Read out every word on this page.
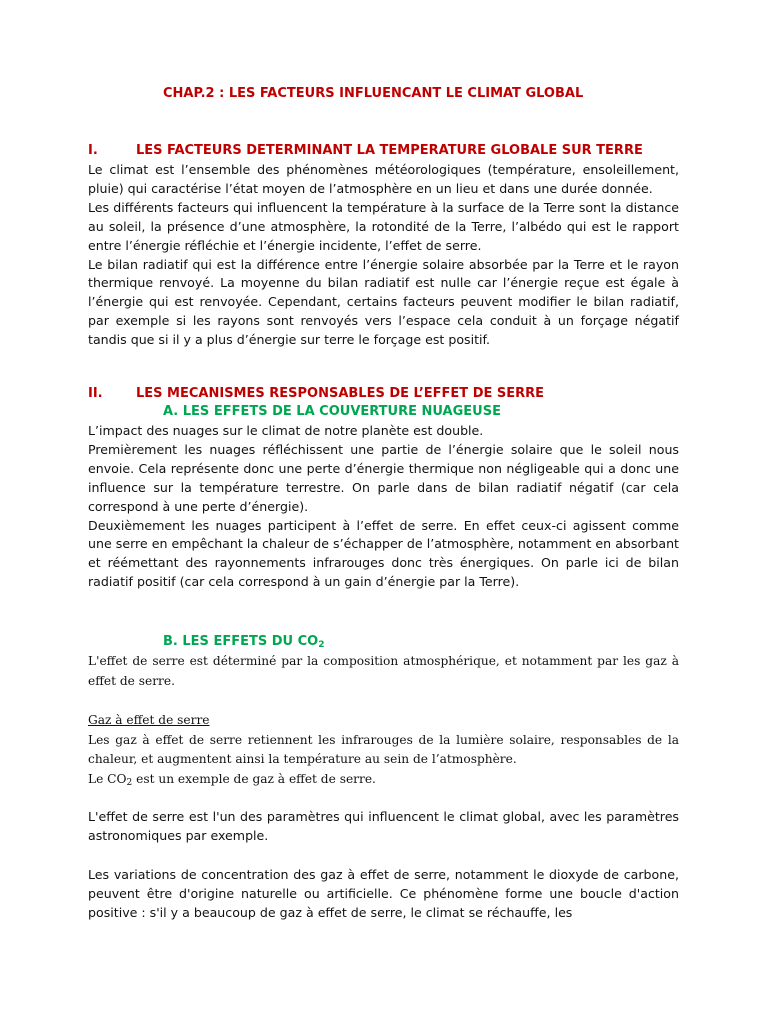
CHAP.2 : LES FACTEURS INFLUENCANT LE CLIMAT GLOBAL
I.	LES FACTEURS DETERMINANT LA TEMPERATURE GLOBALE SUR TERRE

Le climat est l’ensemble des phénomènes météorologiques (température, ensoleillement, pluie) qui caractérise l’état moyen de l’atmosphère en un lieu et dans une durée donnée.

Les différents facteurs qui influencent la température à la surface de la Terre sont la distance au soleil, la présence d’une atmosphère, la rotondité de la Terre, l’albédo qui est le rapport entre l’énergie réfléchie et l’énergie incidente, l’effet de serre.

Le bilan radiatif qui est la différence entre l’énergie solaire absorbée par la Terre et le rayon thermique renvoyé. La moyenne du bilan radiatif est nulle car l’énergie reçue est égale à l’énergie qui est renvoyée. Cependant, certains facteurs peuvent modifier le bilan radiatif, par exemple si les rayons sont renvoyés vers l’espace cela conduit à un forçage négatif tandis que si il y a plus d’énergie sur terre le forçage est positif.

II.	LES MECANISMES RESPONSABLES DE L’EFFET DE SERRE
A. LES EFFETS DE LA COUVERTURE NUAGEUSE

L’impact des nuages sur le climat de notre planète est double.

Premièrement les nuages réfléchissent une partie de l’énergie solaire que le soleil nous envoie. Cela représente donc une perte d’énergie thermique non négligeable qui a donc une influence sur la température terrestre. On parle dans de bilan radiatif négatif (car cela correspond à une perte d’énergie).

Deuxièmement les nuages participent à l’effet de serre. En effet ceux-ci agissent comme une serre en empêchant la chaleur de s’échapper de l’atmosphère, notamment en absorbant et réémettant des rayonnements infrarouges donc très énergiques. On parle ici de bilan radiatif positif (car cela correspond à un gain d’énergie par la Terre).

B. LES EFFETS DU $CO_2$

L'effet de serre est déterminé par la composition atmosphérique, et notamment par les gaz à effet de serre.

Gaz à effet de serre

Les gaz à effet de serre retiennent les infrarouges de la lumière solaire, responsables de la chaleur, et augmentent ainsi la température au sein de l’atmosphère.

Le $CO_2$ est un exemple de gaz à effet de serre.

L'effet de serre est l'un des paramètres qui influencent le climat global, avec les paramètres astronomiques par exemple.

Les variations de concentration des gaz à effet de serre, notamment le dioxyde de carbone, peuvent être d'origine naturelle ou artificielle. Ce phénomène forme une boucle d'action positive : s'il y a beaucoup de gaz à effet de serre, le climat se réchauffe, les
